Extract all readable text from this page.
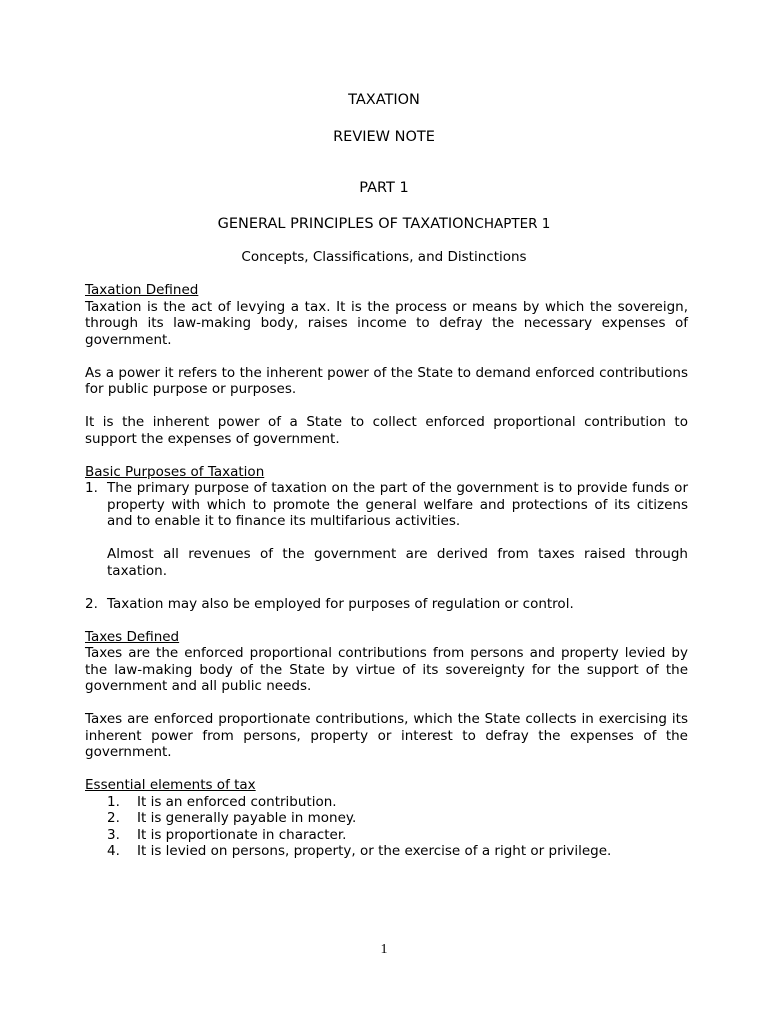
TAXATION
REVIEW NOTE
PART 1
GENERAL PRINCIPLES OF TAXATIONCHAPTER 1
Concepts, Classifications, and Distinctions

Taxation Defined

Taxation is the act of levying a tax. It is the process or means by which the sovereign, through its law-making body, raises income to defray the necessary expenses of government.

As a power it refers to the inherent power of the State to demand enforced contributions for public purpose or purposes.

It is the inherent power of a State to collect enforced proportional contribution to support the expenses of government.

Basic Purposes of Taxation

1. The primary purpose of taxation on the part of the government is to provide funds or property with which to promote the general welfare and protections of its citizens and to enable it to finance its multifarious activities.
Almost all revenues of the government are derived from taxes raised through taxation.
2. Taxation may also be employed for purposes of regulation or control.

Taxes Defined

Taxes are the enforced proportional contributions from persons and property levied by the law-making body of the State by virtue of its sovereignty for the support of the government and all public needs.

Taxes are enforced proportionate contributions, which the State collects in exercising its inherent power from persons, property or interest to defray the expenses of the government.

Essential elements of tax

1. It is an enforced contribution.
2. It is generally payable in money.
3. It is proportionate in character.
4. It is levied on persons, property, or the exercise of a right or privilege.
1
